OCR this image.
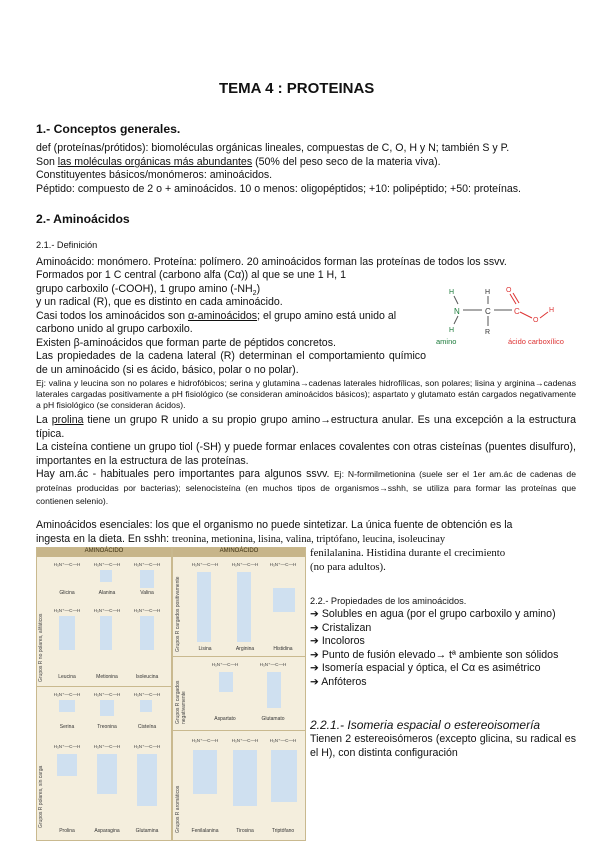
TEMA 4 : PROTEINAS
1.- Conceptos generales.
def (proteínas/prótidos): biomoléculas orgánicas lineales, compuestas de C, O, H y N; también S y P.
Son las moléculas orgánicas más abundantes (50% del peso seco de la materia viva).
Constituyentes básicos/monómeros: aminoácidos.
Péptido: compuesto de 2 o + aminoácidos. 10 o menos: oligopéptidos; +10: polipéptido; +50: proteínas.
2.- Aminoácidos
2.1.- Definición
Aminoácido: monómero. Proteína: polímero. 20 aminoácidos forman las proteínas de todos los ssvv.
Formados por 1 C central (carbono alfa (Cα)) al que se une 1 H, 1
grupo carboxilo (-COOH), 1 grupo amino $(-NH_2)$
y un radical (R), que es distinto en cada aminoácido.
Casi todos los aminoácidos son α-aminoácidos; el grupo amino está unido al
carbono unido al grupo carboxilo.
Existen β-aminoácidos que forman parte de péptidos concretos.
Las propiedades de la cadena lateral (R) determinan el comportamiento químico de un aminoácido (si es ácido, básico, polar o no polar).
Ej: valina y leucina son no polares e hidrofóbicos; serina y glutamina→cadenas laterales hidrofílicas, son polares; lisina y arginina→cadenas laterales cargadas positivamente a pH fisiológico (se consideran aminoácidos básicos); aspartato y glutamato están cargados negativamente a pH fisiológico (se consideran ácidos).
La prolina tiene un grupo R unido a su propio grupo amino→estructura anular. Es una excepción a la estructura típica.
La cisteína contiene un grupo tiol (-SH) y puede formar enlaces covalentes con otras cisteínas (puentes disulfuro), importantes en la estructura de las proteínas.
Hay am.ác - habituales pero importantes para algunos ssvv. Ej: N-formilmetionina (suele ser el 1er am.ác de cadenas de proteínas producidas por bacterias); selenocisteína (en muchos tipos de organismos→sshh, se utiliza para formar las proteínas que contienen selenio).
Aminoácidos esenciales: los que el organismo no puede sintetizar. La única fuente de obtención es la
ingesta en la dieta. En sshh: treonina, metionina, lisina, valina, triptófano, leucina, isoleucinay
fenilalanina. Histidina durante el crecimiento
(no para adultos).
N
H
H
C
H
R
C
O
O
H
amino	ácido carboxílico
AMINOÁCIDO	AMINOÁCIDO
Grupos R no polares, alifáticos
Grupos R polares, sin carga
Grupos R cargados positivamente
Grupos R cargados negativamente
Grupos R aromáticos
H₃N⁺—C—H	H₃N⁺—C—H	H₃N⁺—C—H
Glicina	Alanina	Valina
H₃N⁺—C—H	H₃N⁺—C—H	H₃N⁺—C—H
Leucina	Metionina	Isoleucina
H₃N⁺—C—H	H₃N⁺—C—H	H₃N⁺—C—H
Serina	Treonina	Cisteína
H₃N⁺—C—H	H₃N⁺—C—H	H₃N⁺—C—H
Prolina	Asparagina	Glutamina
H₃N⁺—C—H	H₃N⁺—C—H	H₃N⁺—C—H
Lisina	Arginina	Histidina
H₃N⁺—C—H	H₃N⁺—C—H
Aspartato	Glutamato
H₃N⁺—C—H	H₃N⁺—C—H	H₃N⁺—C—H
Fenilalanina	Tirosina	Triptófano
2.2.- Propiedades de los aminoácidos.
➔ Solubles en agua (por el grupo carboxilo y amino)
➔ Cristalizan
➔ Incoloros
➔ Punto de fusión elevado→ tª ambiente son sólidos
➔ Isomería espacial y óptica, el Cα es asimétrico
➔ Anfóteros
2.2.1.- Isomeria espacial o estereoisomería
Tienen 2 estereoisómeros (excepto glicina, su radical es el H), con distinta configuración
